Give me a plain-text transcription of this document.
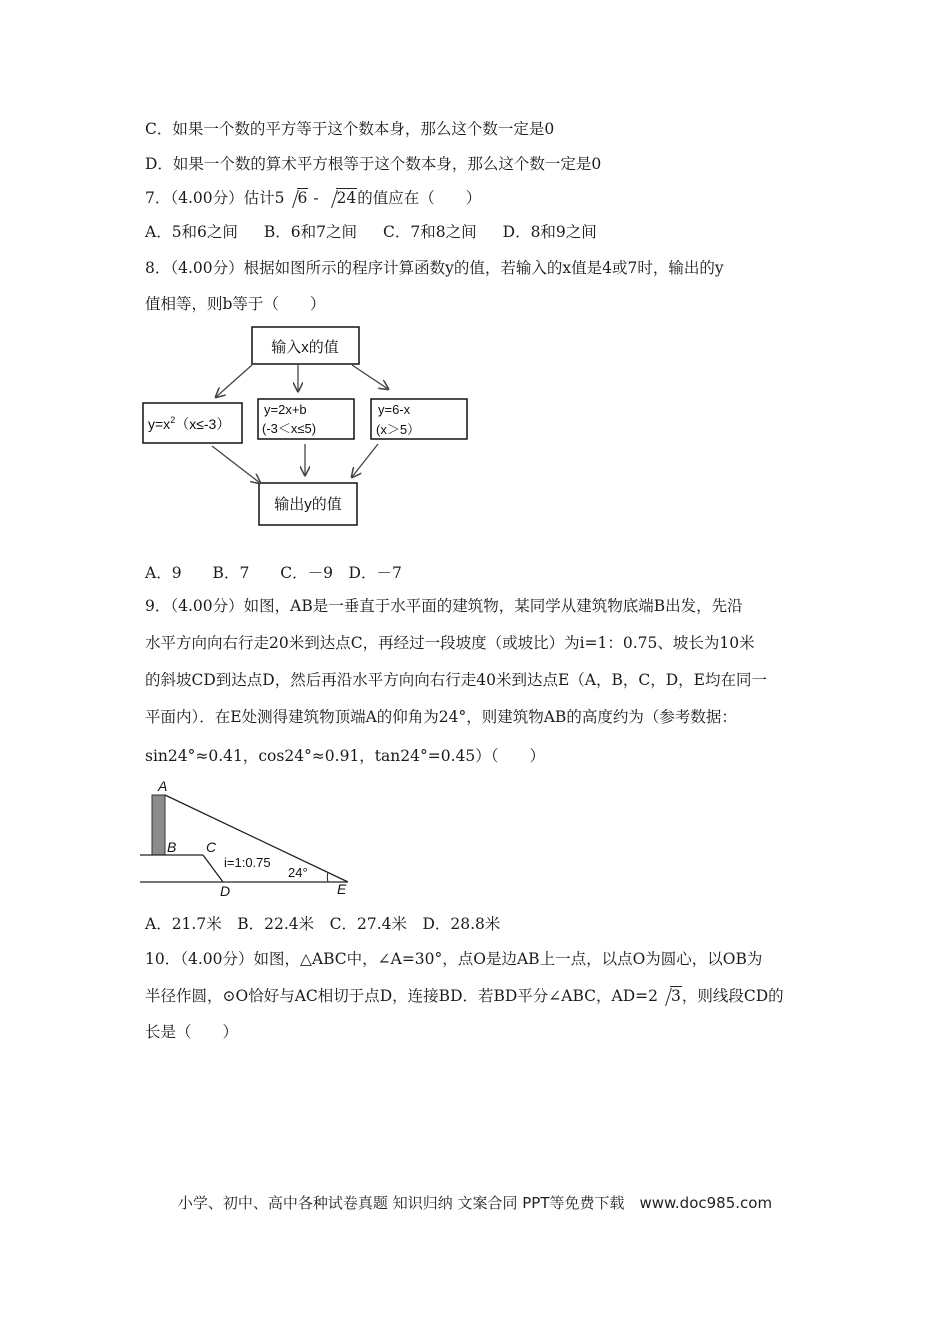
C．如果一个数的平方等于这个数本身，那么这个数一定是0
D．如果一个数的算术平方根等于这个数本身，那么这个数一定是0
7．（4.00分）估计5 6 - 24的值应在（　　）
A．5和6之间 B．6和7之间 C．7和8之间 D．8和9之间
8．（4.00分）根据如图所示的程序计算函数y的值，若输入的x值是4或7时，输出的y
值相等，则b等于（　　）
输入x的值
$y=x^2(x\le-3)$
y=2x+b
(-3＜x≤5)
y=6-x
(x＞5）
输出y的值
A．9　　B．7　　C．－9　D．－7
9．（4.00分）如图，AB是一垂直于水平面的建筑物，某同学从建筑物底端B出发，先沿
水平方向向右行走20米到达点C，再经过一段坡度（或坡比）为i=1：0.75、坡长为10米
的斜坡CD到达点D，然后再沿水平方向向右行走40米到达点E（A，B，C，D，E均在同一
平面内）．在E处测得建筑物顶端A的仰角为24°，则建筑物AB的高度约为（参考数据：
sin24°≈0.41，cos24°≈0.91，tan24°=0.45）（　　）
A
B C
D	E
i=1:0.75
24°
A．21.7米　B．22.4米　C．27.4米　D．28.8米
10．（4.00分）如图，△ABC中，∠A=30°，点O是边AB上一点，以点O为圆心，以OB为
半径作圆，⊙O恰好与AC相切于点D，连接BD．若BD平分∠ABC，AD=2 3，则线段CD的
长是（　　）
小学、初中、高中各种试卷真题 知识归纳 文案合同 PPT等免费下载　www.doc985.com
